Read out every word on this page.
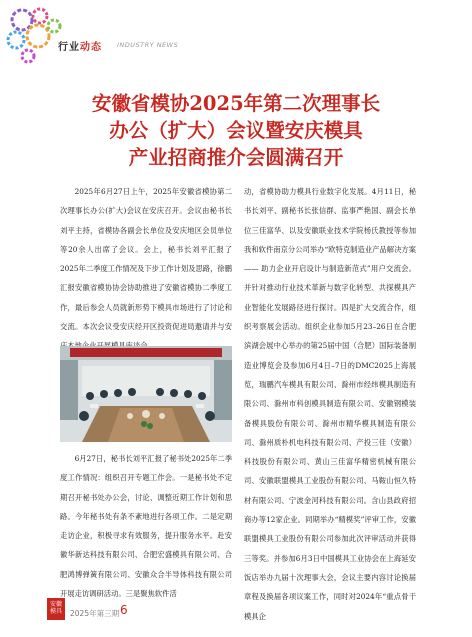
行业动态 INDUSTRY NEWS
安徽省模协2025年第二次理事长
办公（扩大）会议暨安庆模具
产业招商推介会圆满召开

2025年6月27日上午，2025年安徽省模协第二次理事长办公(扩大)会议在安庆召开。会议由秘书长刘平主持，省模协各副会长单位及安庆地区会员单位等20余人出席了会议。会上，秘书长刘平汇报了2025年二季度工作情况及下步工作计划及思路，徐鹏汇报安徽省模协协会协助推进了安徽省模协二季度工作，最后参会人员就新形势下模具市场进行了讨论和交流。本次会议受安庆经开区投资促进局邀请并与安

6月27日，秘书长刘平汇报了秘书处2025年二季度工作情况：组织召开专题工作会。一是秘书处不定期召开秘书处办公会，讨论、调整近期工作计划和思路。今年秘书处有条不紊地进行各项工作。二是定期走访企业，积极寻求有效服务，提升服务水平。赴安徽华新达科技有限公司、合肥宏盛模具有限公司、合肥鸿博弹簧有限公司、安徽众合半导体科技有限公司开展走访调研活动。三是聚焦软件活

动，省模协助力模具行业数字化发展。4月11日，秘书长刘平、副秘书长张信群、监事严艳国、副会长单位三佳富华、以及安徽联业技术学院杨氏教授等参加我和软件南京分公司举办“欧特克制造业产品解决方案 —— 助力企业开启设计与制造新范式”用户交流会。并针对推动行业技术革新与数字化转型、共探模具产业智能化发展路径进行探讨。四是扩大交流合作，组织考察展会活动。组织企业参加5月23–26日在合肥滨湖会展中心举办的第25届中国（合肥）国际装备制造业博览会及参加6月4日–7日的DMC2025上海展览，瑞鹏汽车模具有限公司、滁州市经纬模具制造有限公司、滁州市科创模具制造有限公司、安徽钢模装备模具股份有限公司、滁州市精华模具制造有限公司、滁州质朴机电科技有限公司、产投三佳（安徽）科技股份有限公司、黄山三佳富华精密机械有限公司、安徽联盟模具工业股份有限公司、马鞍山恒久特材有限公司、宁波金河科技有限公司。含山县政府招商办等12家企业。同期举办“精模奖”评审工作，安徽联盟模具工业股份有限公司参加此次评审活动并获得三等奖。并参加6月3日中国模具工业协会在上海延安饭店举办九届十次理事大会，会议主要内容讨论换届章程及换届各项议案工作，同时对2024年“重点骨干模具企

安徽
模具	2025年第三期 6
